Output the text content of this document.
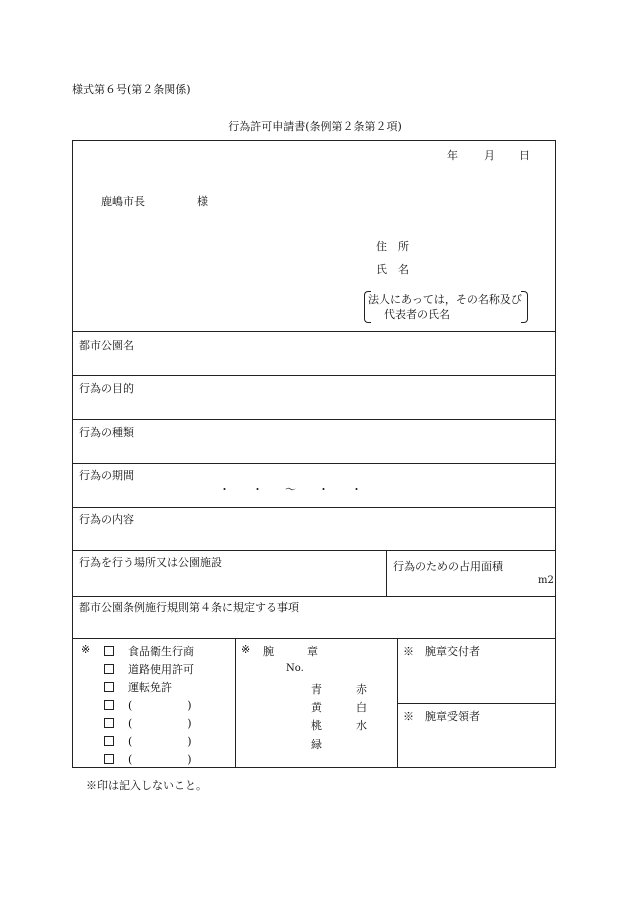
様式第６号(第２条関係)
行為許可申請書(条例第２条第２項)
年 月 日
鹿嶋市長	様
住　所
氏　名
法人にあっては，その名称及び
代表者の氏名
都市公園名
行為の目的
行為の種類
行為の期間
・　　・　　～　　・　　・
行為の内容
行為を行う場所又は公園施設	行為のための占用面積
m2
都市公園条例施行規則第４条に規定する事項
※	食品衛生行商
道路使用許可
運転免許
(　　　　　)
(　　　　　)
(　　　　　)
(　　　　　)
※ 腕　　　章
No.
青	赤
黄	白
桃	水
緑
※　腕章交付者
※　腕章受領者
※印は記入しないこと。
